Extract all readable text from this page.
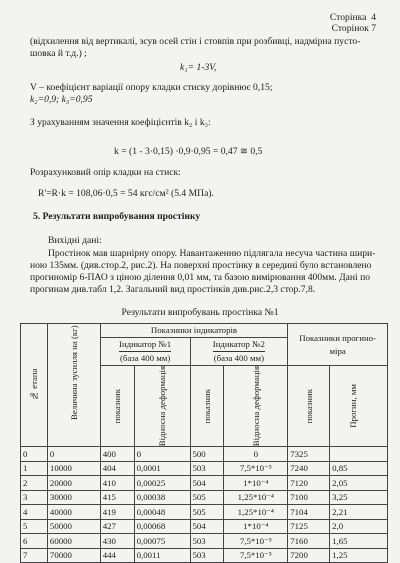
Сторінка 4
Сторінок 7
(відхилення від вертикалі, зсув осей стін і стовпів при розбивці, надмірна пусто-
шовка й т.д.) ;
k₁= 1-3V,
V – коефіцієнт варіації опору кладки стиску дорівнює 0,15;
k₂=0,9; k₃=0,95
З урахуванням значення коефіцієнтів k₂ і k₃:
k = (1 - 3·0,15) ·0,9·0,95 = 0,47 ≅ 0,5
Розрахунковий опір кладки на стиск:
R'=R·k = 108,06·0,5 = 54 кгс/см² (5.4 МПа).
5. Результати випробування простінку
Вихідні дані:
Простінок мав шарнірну опору. Навантаженню підлягала несуча частина шири-
ною 135мм. (див.стор.2, рис.2). На поверхні простінку в середині було встановлено
прогиномір 6-ПАО з ціною ділення 0,01 мм, та базою вимірювання 400мм. Дані по
прогинам див.табл 1,2. Загальний вид простінків див.рис.2,3 стор.7,8.
Результати випробувань простінка №1
№ етапа	Величина зусилля на (кг)	Показники індикаторів				Показники прогино-
міра	

		Індикатор №1
(база 400 мм)		Індикатор №2
(база 400 мм)			

		показник	Відносна деформація	показник	Відносна деформація	показник	Прогин, мм

0	0	400	0	500	0	7325	
1	10000	404	0,0001	503	7,5*10⁻⁵	7240	0,85
2	20000	410	0,00025	504	1*10⁻⁴	7120	2,05
3	30000	415	0,00038	505	1,25*10⁻⁴	7100	3,25
4	40000	419	0,00048	505	1,25*10⁻⁴	7104	2,21
5	50000	427	0,00068	504	1*10⁻⁴	7125	2,0
6	60000	430	0,00075	503	7,5*10⁻⁵	7160	1,65
7	70000	444	0,0011	503	7,5*10⁻⁵	7200	1,25
